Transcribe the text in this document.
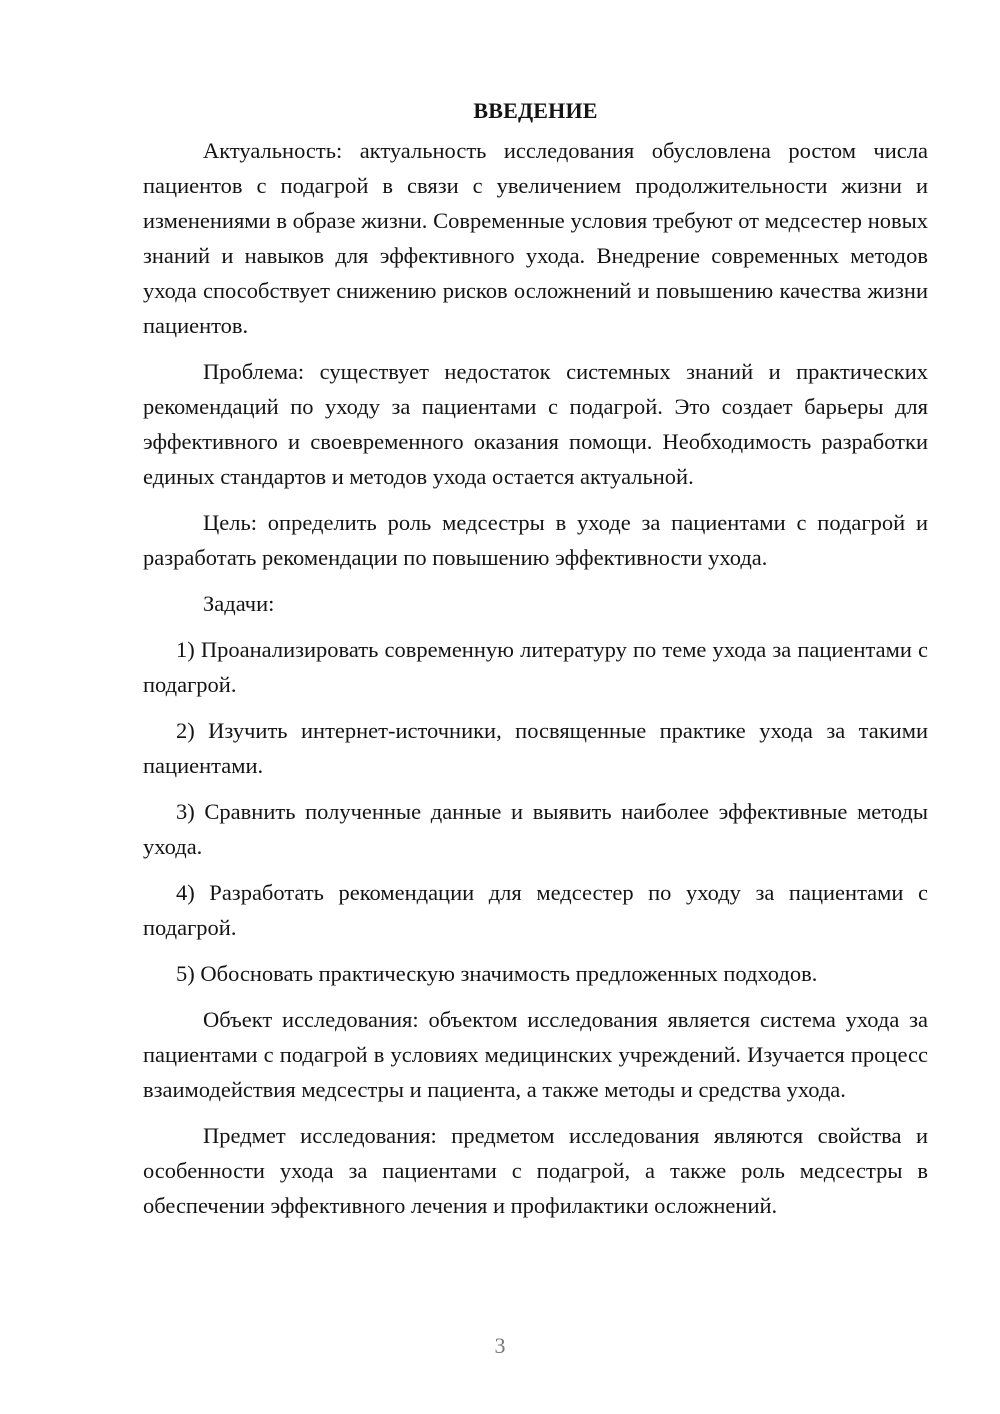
ВВЕДЕНИЕ

Актуальность: актуальность исследования обусловлена ростом числа пациентов с подагрой в связи с увеличением продолжительности жизни и изменениями в образе жизни. Современные условия требуют от медсестер новых знаний и навыков для эффективного ухода. Внедрение современных методов ухода способствует снижению рисков осложнений и повышению качества жизни пациентов.

Проблема: существует недостаток системных знаний и практических рекомендаций по уходу за пациентами с подагрой. Это создает барьеры для эффективного и своевременного оказания помощи. Необходимость разработки единых стандартов и методов ухода остается актуальной.

Цель: определить роль медсестры в уходе за пациентами с подагрой и разработать рекомендации по повышению эффективности ухода.

Задачи:

1) Проанализировать современную литературу по теме ухода за пациентами с подагрой.

2) Изучить интернет-источники, посвященные практике ухода за такими пациентами.

3) Сравнить полученные данные и выявить наиболее эффективные методы ухода.

4) Разработать рекомендации для медсестер по уходу за пациентами с подагрой.

5) Обосновать практическую значимость предложенных подходов.

Объект исследования: объектом исследования является система ухода за пациентами с подагрой в условиях медицинских учреждений. Изучается процесс взаимодействия медсестры и пациента, а также методы и средства ухода.

Предмет исследования: предметом исследования являются свойства и особенности ухода за пациентами с подагрой, а также роль медсестры в обеспечении эффективного лечения и профилактики осложнений.

3
